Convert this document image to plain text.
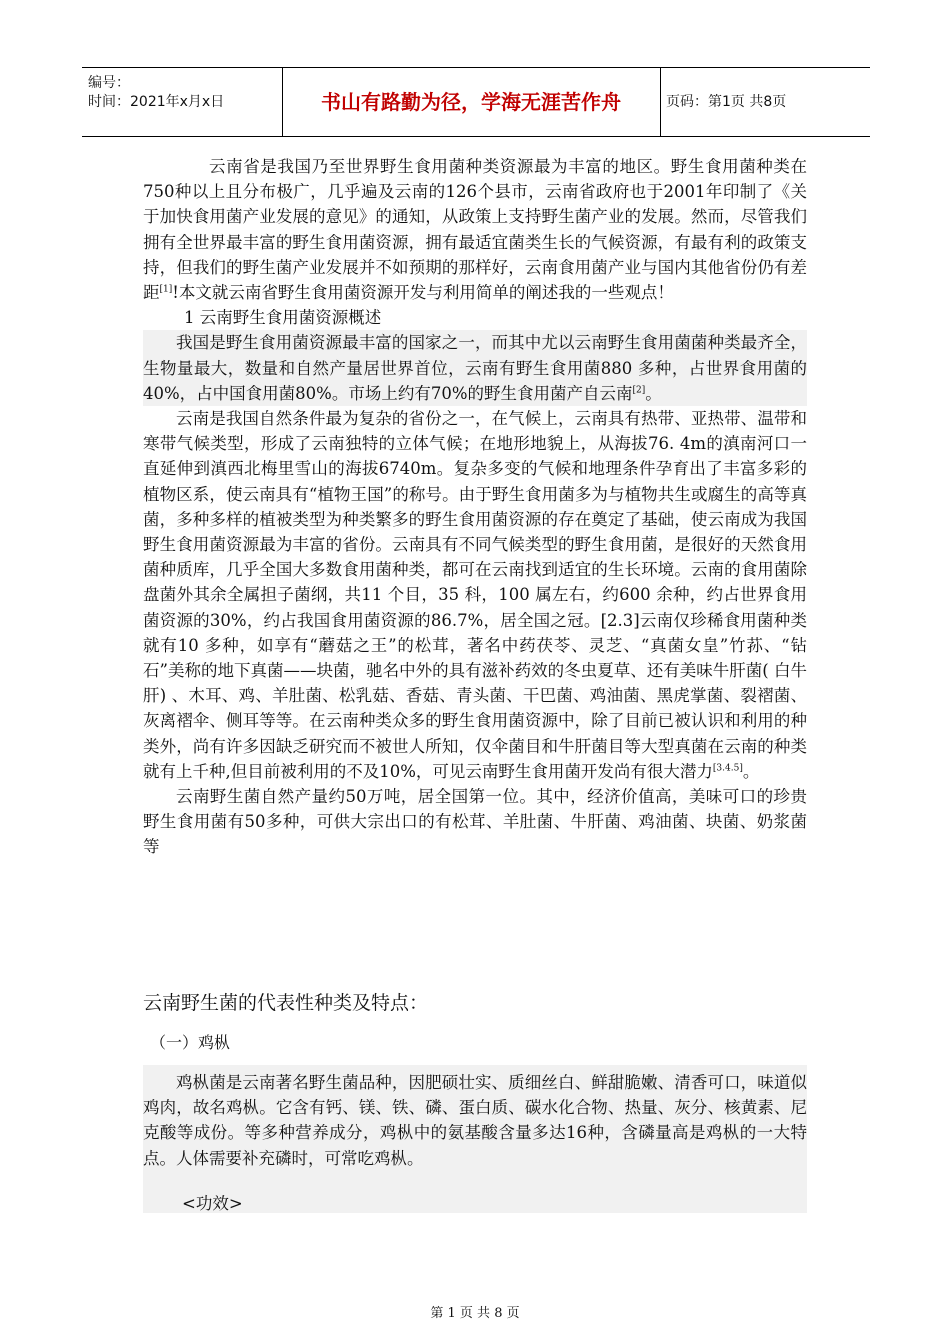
编号：
时间：2021年x月x日	书山有路勤为径，学海无涯苦作舟	页码：第1页 共8页

云南省是我国乃至世界野生食用菌种类资源最为丰富的地区。野生食用菌种类在750种以上且分布极广，几乎遍及云南的126个县市，云南省政府也于2001年印制了《关于加快食用菌产业发展的意见》的通知，从政策上支持野生菌产业的发展。然而，尽管我们拥有全世界最丰富的野生食用菌资源，拥有最适宜菌类生长的气候资源，有最有利的政策支持，但我们的野生菌产业发展并不如预期的那样好，云南食用菌产业与国内其他省份仍有差距[1]!本文就云南省野生食用菌资源开发与利用简单的阐述我的一些观点！

1 云南野生食用菌资源概述

我国是野生食用菌资源最丰富的国家之一，而其中尤以云南野生食用菌菌种类最齐全，生物量最大，数量和自然产量居世界首位，云南有野生食用菌880 多种，占世界食用菌的40%，占中国食用菌80%。市场上约有70%的野生食用菌产自云南[2]。

云南是我国自然条件最为复杂的省份之一，在气候上，云南具有热带、亚热带、温带和寒带气候类型，形成了云南独特的立体气候；在地形地貌上，从海拔76. 4m的滇南河口一直延伸到滇西北梅里雪山的海拔6740m。复杂多变的气候和地理条件孕育出了丰富多彩的植物区系，使云南具有“植物王国”的称号。由于野生食用菌多为与植物共生或腐生的高等真菌，多种多样的植被类型为种类繁多的野生食用菌资源的存在奠定了基础，使云南成为我国野生食用菌资源最为丰富的省份。云南具有不同气候类型的野生食用菌，是很好的天然食用菌种质库，几乎全国大多数食用菌种类，都可在云南找到适宜的生长环境。云南的食用菌除盘菌外其余全属担子菌纲，共11 个目，35 科，100 属左右，约600 余种，约占世界食用菌资源的30%，约占我国食用菌资源的86.7%，居全国之冠。[2.3]云南仅珍稀食用菌种类就有10 多种，如享有“蘑菇之王”的松茸，著名中药茯苓、灵芝、“真菌女皇”竹荪、“钻石”美称的地下真菌——块菌，驰名中外的具有滋补药效的冬虫夏草、还有美味牛肝菌( 白牛肝) 、木耳、鸡、羊肚菌、松乳菇、香菇、青头菌、干巴菌、鸡油菌、黑虎掌菌、裂褶菌、灰离褶伞、侧耳等等。在云南种类众多的野生食用菌资源中，除了目前已被认识和利用的种类外，尚有许多因缺乏研究而不被世人所知，仅伞菌目和牛肝菌目等大型真菌在云南的种类就有上千种,但目前被利用的不及10%，可见云南野生食用菌开发尚有很大潜力[3.4.5]。

云南野生菌自然产量约50万吨，居全国第一位。其中，经济价值高，美味可口的珍贵野生食用菌有50多种，可供大宗出口的有松茸、羊肚菌、牛肝菌、鸡油菌、块菌、奶浆菌等

云南野生菌的代表性种类及特点：
（一）鸡枞

鸡枞菌是云南著名野生菌品种，因肥硕壮实、质细丝白、鲜甜脆嫩、清香可口，味道似鸡肉，故名鸡枞。它含有钙、镁、铁、磷、蛋白质、碳水化合物、热量、灰分、核黄素、尼克酸等成份。等多种营养成分，鸡枞中的氨基酸含量多达16种，含磷量高是鸡枞的一大特点。人体需要补充磷时，可常吃鸡枞。

<功效>
第 1 页 共 8 页
